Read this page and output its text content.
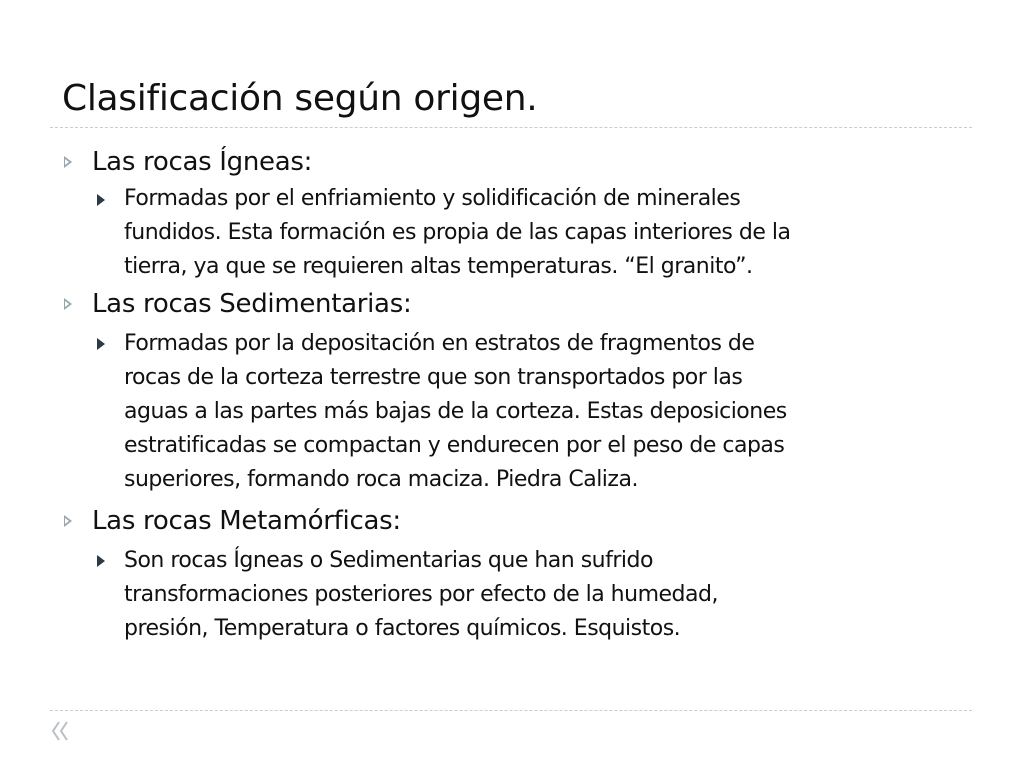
Clasificación según origen.
Las rocas Ígneas:
Formadas por el enfriamiento y solidificación de minerales
fundidos. Esta formación es propia de las capas interiores de la
tierra, ya que se requieren altas temperaturas. “El granito”.
Las rocas Sedimentarias:
Formadas por la depositación en estratos de fragmentos de
rocas de la corteza terrestre que son transportados por las
aguas a las partes más bajas de la corteza. Estas deposiciones
estratificadas se compactan y endurecen por el peso de capas
superiores, formando roca maciza. Piedra Caliza.
Las rocas Metamórficas:
Son rocas Ígneas o Sedimentarias que han sufrido
transformaciones posteriores por efecto de la humedad,
presión, Temperatura o factores químicos. Esquistos.
